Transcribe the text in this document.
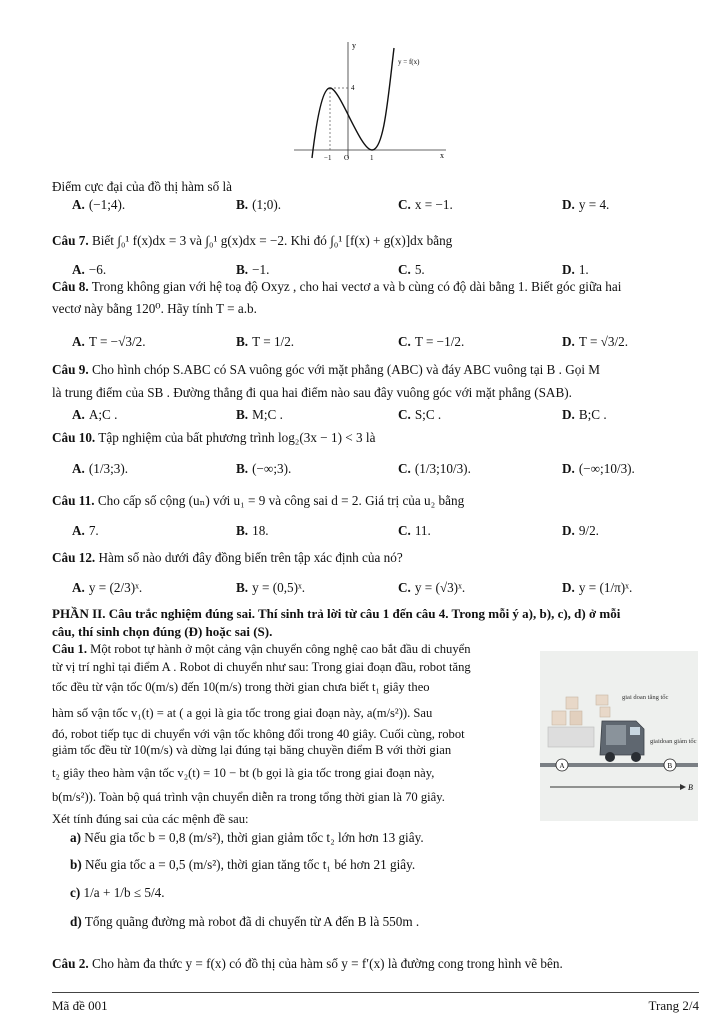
y
y = f(x)
x
−1 O	1
4
Điểm cực đại của đồ thị hàm số là
A. (−1;4).	B. (1;0).	C. x = −1.	D. y = 4.
Câu 7. Biết ∫₀¹ f(x)dx = 3 và ∫₀¹ g(x)dx = −2. Khi đó ∫₀¹ [f(x) + g(x)]dx bằng
A. −6.	B. −1.	C. 5.	D. 1.
Câu 8. Trong không gian với hệ toạ độ Oxyz , cho hai vectơ a và b cùng có độ dài bằng 1. Biết góc giữa hai
vectơ này bằng 120⁰. Hãy tính T = a.b.
A. T = −√3/2.	B. T = 1/2.	C. T = −1/2.	D. T = √3/2.
Câu 9. Cho hình chóp S.ABC có SA vuông góc với mặt phẳng (ABC) và đáy ABC vuông tại B . Gọi M
là trung điểm của SB . Đường thẳng đi qua hai điểm nào sau đây vuông góc với mặt phẳng (SAB).
A. A;C .	B. M;C .	C. S;C .	D. B;C .
Câu 10. Tập nghiệm của bất phương trình log₂(3x − 1) < 3 là
A. (1/3;3).	B. (−∞;3).	C. (1/3;10/3).	D. (−∞;10/3).
Câu 11. Cho cấp số cộng (uₙ) với u₁ = 9 và công sai d = 2. Giá trị của u₂ bằng
A. 7.	B. 18.	C. 11.	D. 9/2.
Câu 12. Hàm số nào dưới đây đồng biến trên tập xác định của nó?
A. y = (2/3)ˣ.	B. y = (0,5)ˣ.	C. y = (√3)ˣ.	D. y = (1/π)ˣ.
PHẦN II. Câu trắc nghiệm đúng sai. Thí sinh trả lời từ câu 1 đến câu 4. Trong mỗi ý a), b), c), d) ở mỗi
câu, thí sinh chọn đúng (Đ) hoặc sai (S).
Câu 1. Một robot tự hành ở một cảng vận chuyển công nghệ cao bắt đầu di chuyển
từ vị trí nghỉ tại điểm A . Robot di chuyển như sau: Trong giai đoạn đầu, robot tăng
tốc đều từ vận tốc 0(m/s) đến 10(m/s) trong thời gian chưa biết t₁ giây theo
hàm số vận tốc v₁(t) = at ( a gọi là gia tốc trong giai đoạn này, a(m/s²)). Sau
đó, robot tiếp tục di chuyển với vận tốc không đổi trong 40 giây. Cuối cùng, robot
giảm tốc đều từ 10(m/s) và dừng lại đúng tại băng chuyền điểm B với thời gian
t₂ giây theo hàm vận tốc v₂(t) = 10 − bt (b gọi là gia tốc trong giai đoạn này,
b(m/s²)). Toàn bộ quá trình vận chuyển diễn ra trong tổng thời gian là 70 giây.
Xét tính đúng sai của các mệnh đề sau:
a) Nếu gia tốc b = 0,8 (m/s²), thời gian giảm tốc t₂ lớn hơn 13 giây.
b) Nếu gia tốc a = 0,5 (m/s²), thời gian tăng tốc t₁ bé hơn 21 giây.
c) 1/a + 1/b ≤ 5/4.
d) Tổng quãng đường mà robot đã di chuyển từ A đến B là 550m .
A	B
B
giai doan tăng tốc
giaidoan giảm tốc
Câu 2. Cho hàm đa thức y = f(x) có đồ thị của hàm số y = f′(x) là đường cong trong hình vẽ bên.
Mã đề 001	Trang 2/4
